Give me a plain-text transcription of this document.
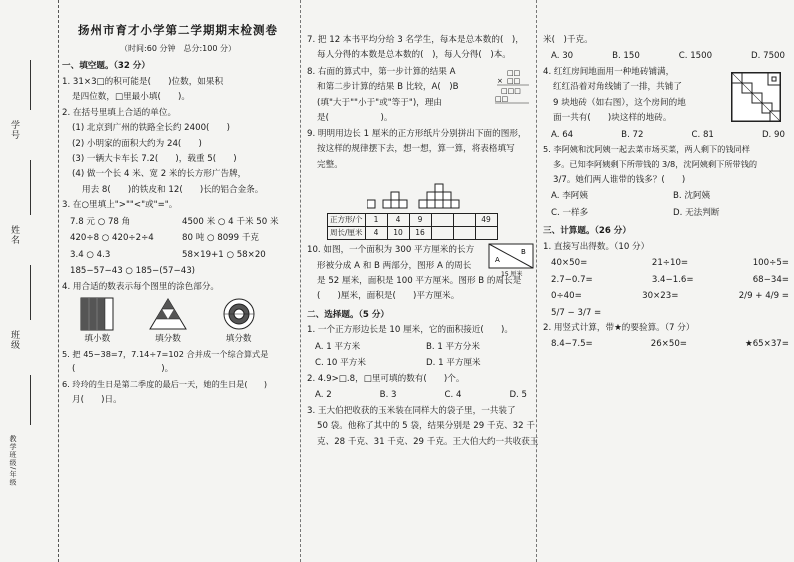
学号
姓名
班级
教学班级/年级
扬州市育才小学第二学期期末检测卷
（时间:60 分钟　总分:100 分）
一、填空题。（32 分）
1. 31×3□的积可能是(　　)位数，如果积
是四位数，□里最小填(　　)。
2. 在括号里填上合适的单位。
(1) 北京到广州的铁路全长约 2400(　　)
(2) 小明家的面积大约为 24(　　)
(3) 一辆大卡车长 7.2(　　)，载重 5(　　)
(4) 做一个长 4 米、宽 2 米的长方形广告牌，
用去 8(　　)的铁皮和 12(　　)长的铝合金条。
3. 在○里填上">""<"或"="。
7.8 元 ○ 78 角	4500 米 ○ 4 千米 50 米
420÷8 ○ 420÷2÷4	80 吨 ○ 8099 千克
3.4 ○ 4.3	58×19+1 ○ 58×20
185−57−43 ○ 185−(57−43)
4. 用合适的数表示每个图里的涂色部分。
填小数	填分数	填分数
5. 把 45−38=7，7.14÷7=102 合并成一个综合算式是
(　　　　　　　　　　)。
6. 玲玲的生日是第二季度的最后一天，她的生日是(　　)
月(　　)日。
7. 把 12 本书平均分给 3 名学生，每本是总本数的(　)，
每人分得的本数是总本数的(　)，每人分得(　)本。
8. 右面的算式中，第一步计算的结果 A
和第二步计算的结果 B 比较，A(　)B
(填"大于""小于"或"等于")，理由
是(　　　　　　)。
□□
× □□
□□□
□□
9. 明明用边长 1 厘米的正方形纸片分别拼出下面的图形，
按这样的规律摆下去，想一想，算一算，将表格填写
完整。
正方形/个	1	4	9			49
周长/厘米	4	10	16			
10. 如图，一个面积为 300 平方厘米的长方
形被分成 A 和 B 两部分，图形 A 的周长
是 52 厘米，面积是 100 平方厘米。图形 B 的周长是
(　　)厘米，面积是(　　)平方厘米。
A
B
15 厘米
二、选择题。（5 分）
1. 一个正方形边长是 10 厘米，它的面积接近(　　)。
A. 1 平方米	B. 1 平方分米
C. 10 平方米	D. 1 平方厘米
2. 4.9>□.8，□里可填的数有(　　)个。
A. 2	B. 3	C. 4	D. 5
3. 王大伯把收获的玉米装在同样大的袋子里，一共装了
50 袋。他称了其中的 5 袋，结果分别是 29 千克、32 千
克、28 千克、31 千克、29 千克。王大伯大约一共收获玉
米(　)千克。
A. 30	B. 150	C. 1500	D. 7500
4. 红红房间地面用一种地砖铺满，
红红沿着对角线铺了一排，共铺了
9 块地砖（如右图），这个房间的地
面一共有(　　)块这样的地砖。
A. 64	B. 72	C. 81	D. 90
5. 李阿姨和沈阿姨一起去菜市场买菜，两人剩下的钱同样
多。已知李阿姨剩下所带钱的 3/8，沈阿姨剩下所带钱的
3/7。她们两人谁带的钱多？(　　)
A. 李阿姨	B. 沈阿姨
C. 一样多	D. 无法判断
三、计算题。（26 分）
1. 直接写出得数。（10 分）
40×50=	21÷10=	100÷5=
2.7−0.7=	3.4−1.6=	68−34=
0÷40=	30×23=	2/9 + 4/9 =
5/7 − 3/7 =
2. 用竖式计算，带★的要验算。（7 分）
8.4−7.5=	26×50=	★65×37=
